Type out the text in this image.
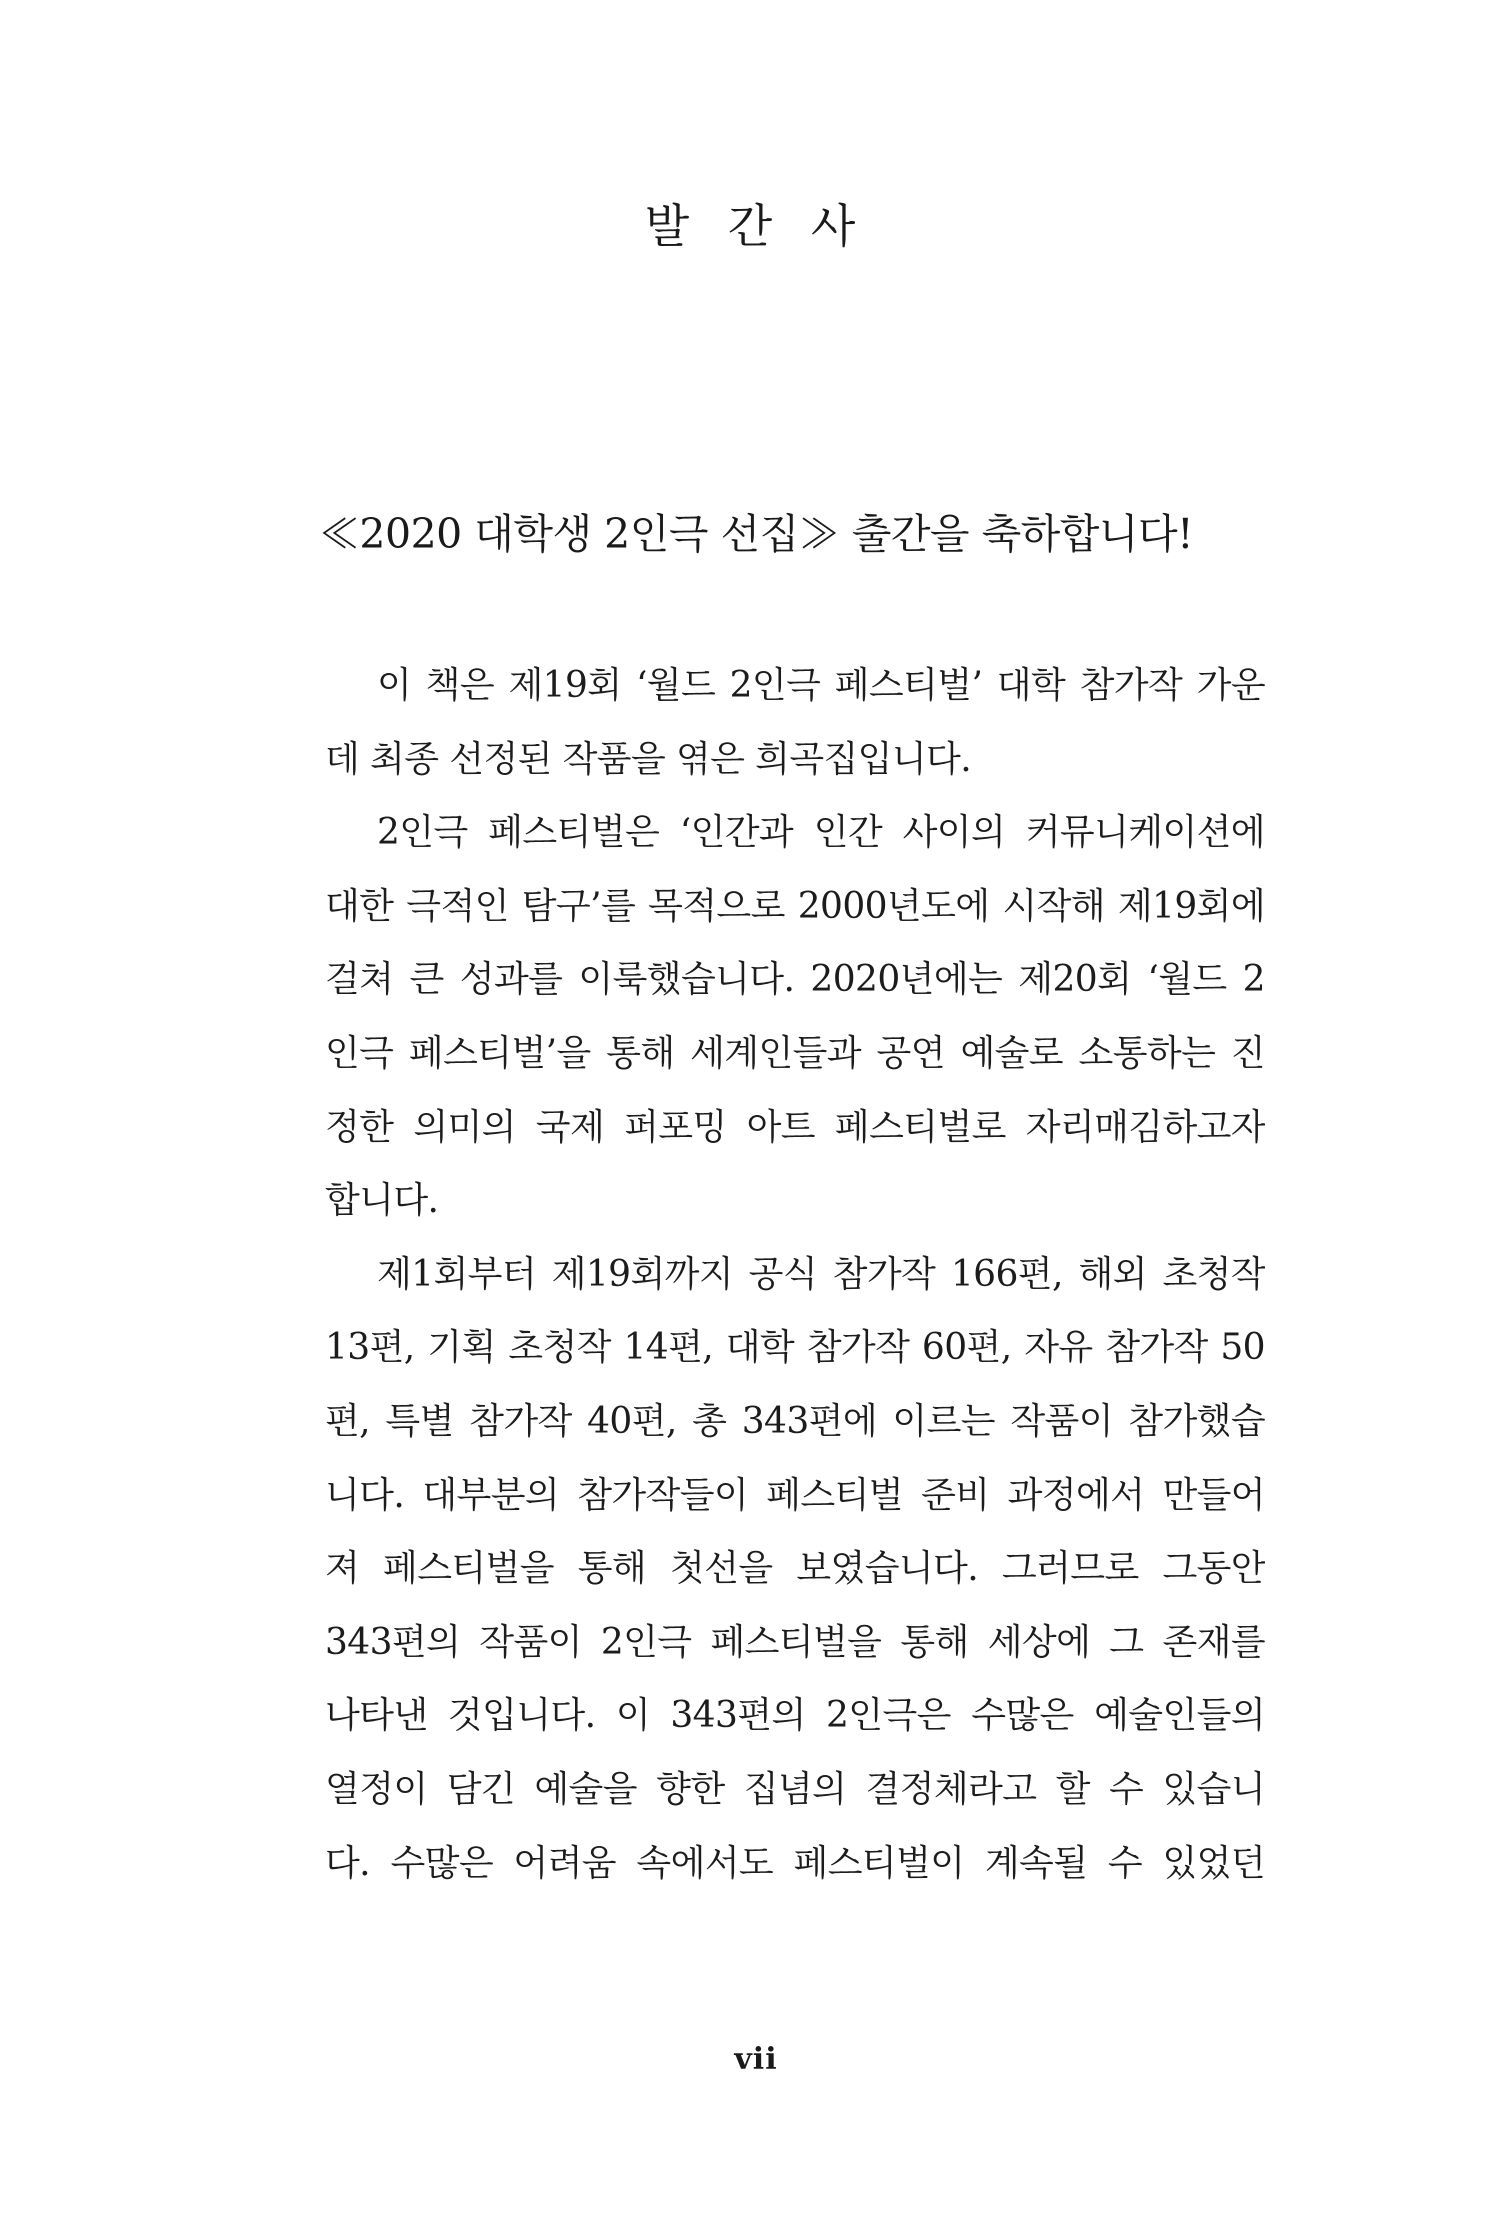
발 간 사
≪2020 대학생 2인극 선집≫ 출간을 축하합니다!
이 책은 제19회 ‘월드 2인극 페스티벌’ 대학 참가작 가운
데 최종 선정된 작품을 엮은 희곡집입니다.
2인극 페스티벌은 ‘인간과 인간 사이의 커뮤니케이션에
대한 극적인 탐구’를 목적으로 2000년도에 시작해 제19회에
걸쳐 큰 성과를 이룩했습니다. 2020년에는 제20회 ‘월드 2
인극 페스티벌’을 통해 세계인들과 공연 예술로 소통하는 진
정한 의미의 국제 퍼포밍 아트 페스티벌로 자리매김하고자
합니다.
제1회부터 제19회까지 공식 참가작 166편, 해외 초청작
13편, 기획 초청작 14편, 대학 참가작 60편, 자유 참가작 50
편, 특별 참가작 40편, 총 343편에 이르는 작품이 참가했습
니다. 대부분의 참가작들이 페스티벌 준비 과정에서 만들어
져 페스티벌을 통해 첫선을 보였습니다. 그러므로 그동안
343편의 작품이 2인극 페스티벌을 통해 세상에 그 존재를
나타낸 것입니다. 이 343편의 2인극은 수많은 예술인들의
열정이 담긴 예술을 향한 집념의 결정체라고 할 수 있습니
다. 수많은 어려움 속에서도 페스티벌이 계속될 수 있었던
vii
